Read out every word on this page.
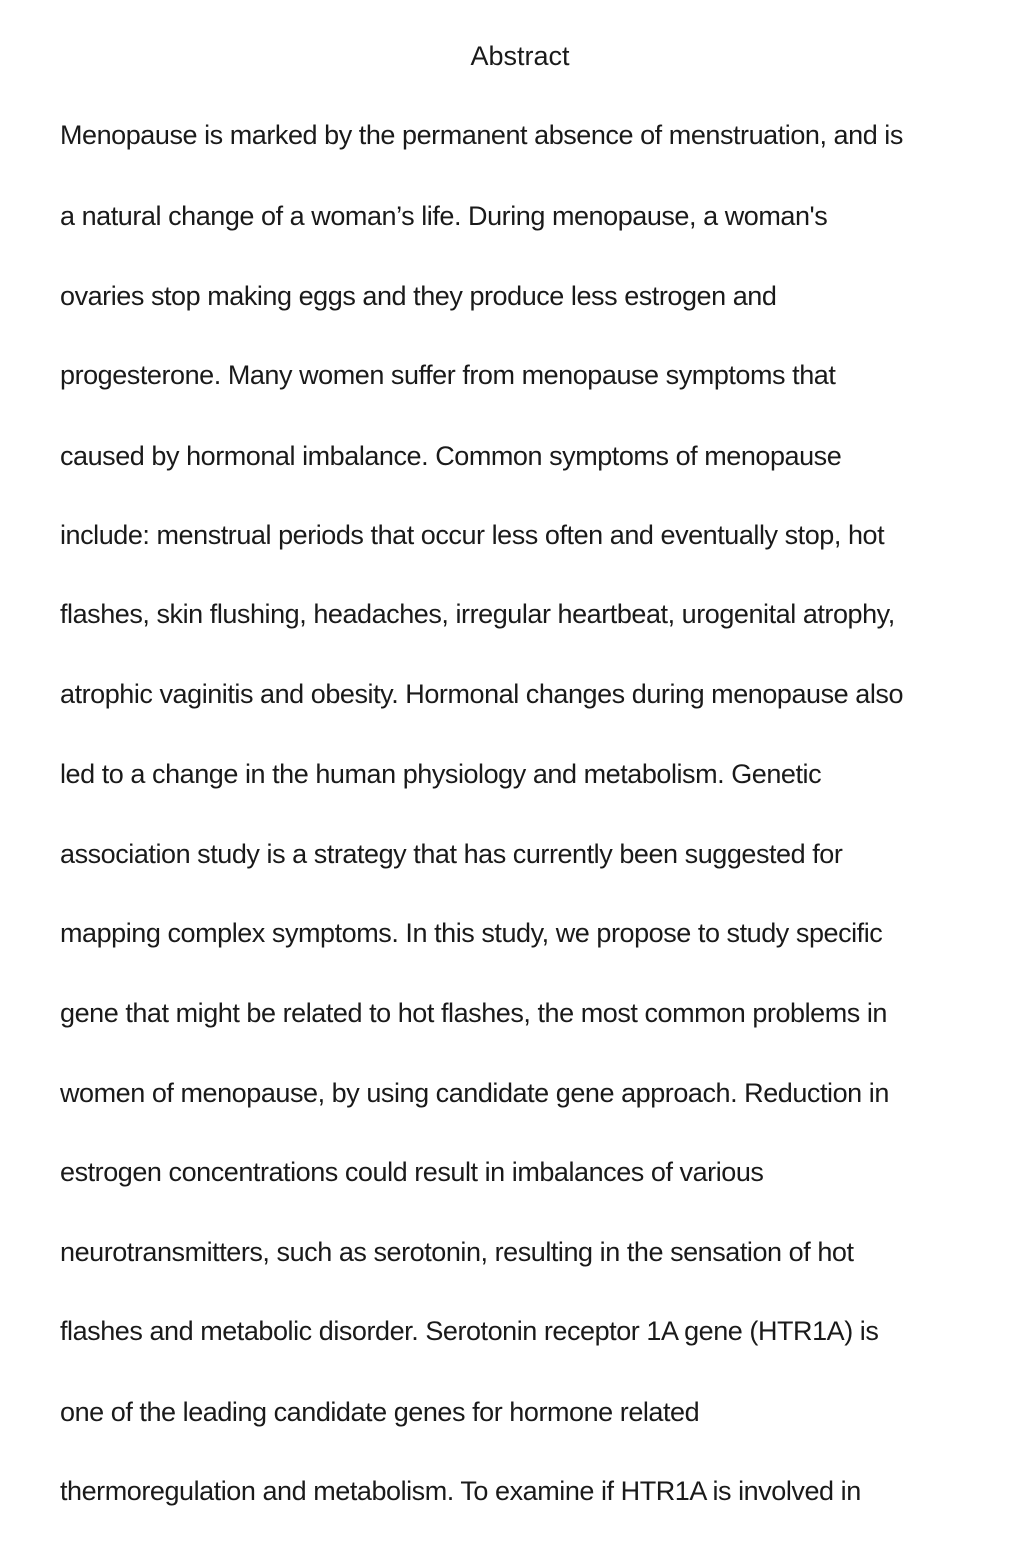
Abstract
Menopause is marked by the permanent absence of menstruation, and is
a natural change of a woman’s life. During menopause, a woman's
ovaries stop making eggs and they produce less estrogen and
progesterone. Many women suffer from menopause symptoms that
caused by hormonal imbalance. Common symptoms of menopause
include: menstrual periods that occur less often and eventually stop, hot
flashes, skin flushing, headaches, irregular heartbeat, urogenital atrophy,
atrophic vaginitis and obesity. Hormonal changes during menopause also
led to a change in the human physiology and metabolism. Genetic
association study is a strategy that has currently been suggested for
mapping complex symptoms. In this study, we propose to study specific
gene that might be related to hot flashes, the most common problems in
women of menopause, by using candidate gene approach. Reduction in
estrogen concentrations could result in imbalances of various
neurotransmitters, such as serotonin, resulting in the sensation of hot
flashes and metabolic disorder. Serotonin receptor 1A gene (HTR1A) is
one of the leading candidate genes for hormone related
thermoregulation and metabolism. To examine if HTR1A is involved in
